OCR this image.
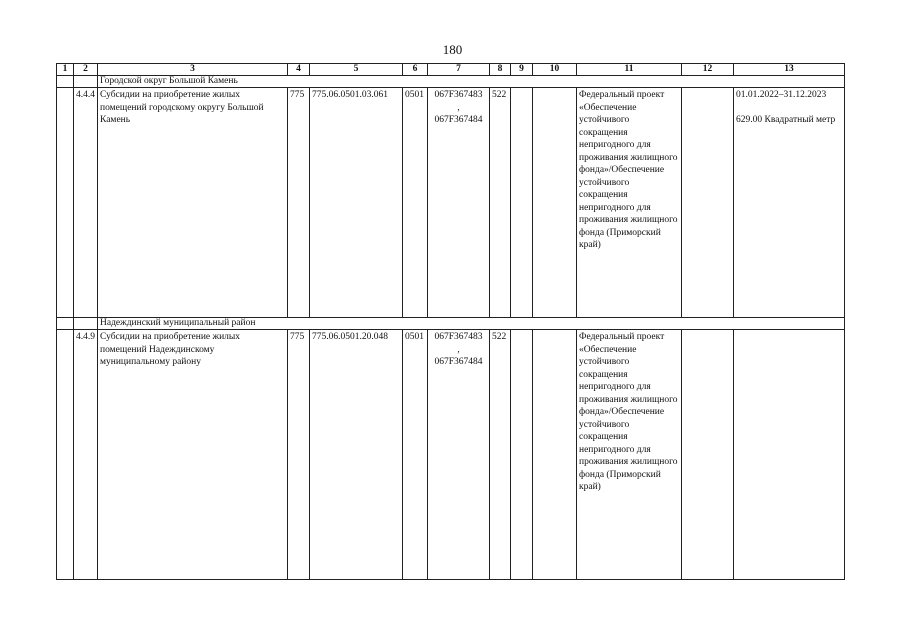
180
1	2	3	4	5	6	7	8	9	10	11	12	13
		Городской округ Большой Камень										
	4.4.4	Субсидии на приобретение жилых помещений городскому округу Большой Камень	775	775.06.0501.03.061	0501	067F367483
,
067F367484	522			Федеральный проект «Обеспечение устойчивого сокращения непригодного для проживания жилищного фонда»/Обеспечение устойчивого сокращения непригодного для проживания жилищного фонда (Приморский край)		01.01.2022–31.12.2023

629.00 Квадратный метр
		Надеждинский муниципальный район										
	4.4.9	Субсидии на приобретение жилых помещений Надеждинскому муниципальному району	775	775.06.0501.20.048	0501	067F367483
,
067F367484	522			Федеральный проект «Обеспечение устойчивого сокращения непригодного для проживания жилищного фонда»/Обеспечение устойчивого сокращения непригодного для проживания жилищного фонда (Приморский край)		
